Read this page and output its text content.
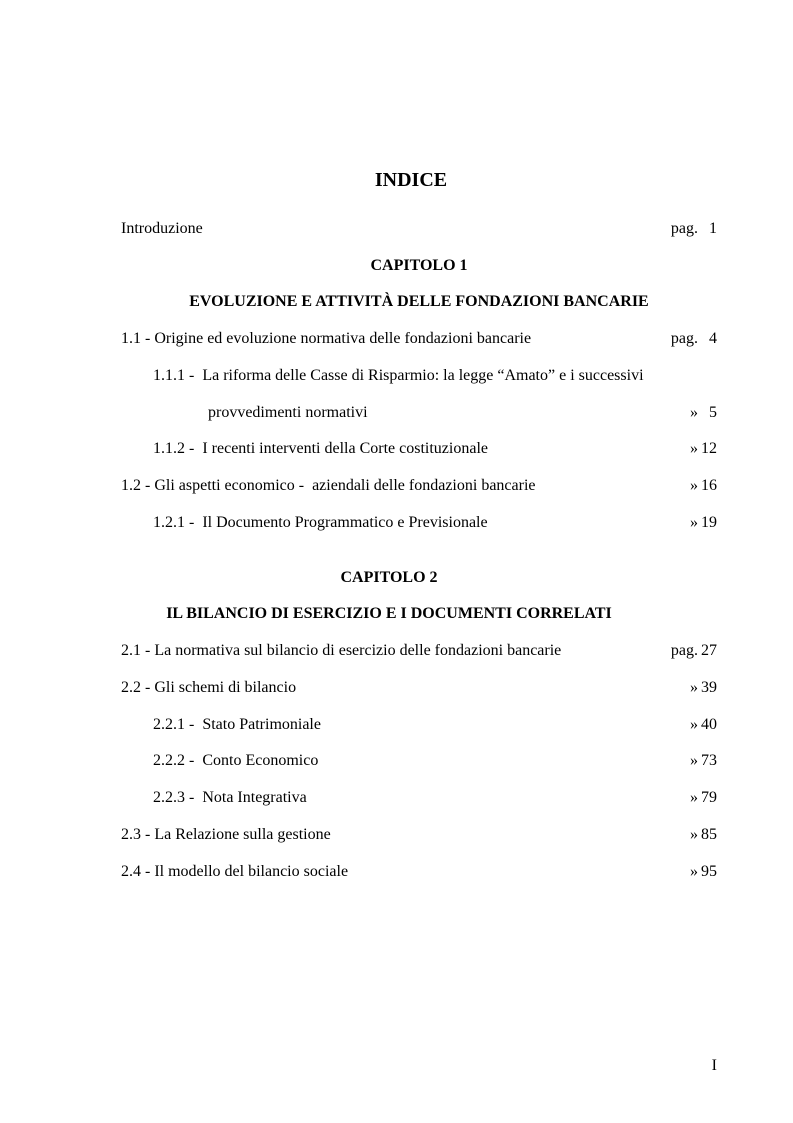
INDICE
Introduzione	pag. 1
CAPITOLO 1
EVOLUZIONE E ATTIVITÀ DELLE FONDAZIONI BANCARIE
1.1 - Origine ed evoluzione normativa delle fondazioni bancarie	pag. 4
1.1.1 -  La riforma delle Casse di Risparmio: la legge “Amato” e i successivi
provvedimenti normativi	» 5
1.1.2 -  I recenti interventi della Corte costituzionale	» 12
1.2 - Gli aspetti economico -  aziendali delle fondazioni bancarie	» 16
1.2.1 -  Il Documento Programmatico e Previsionale	» 19
CAPITOLO 2
IL BILANCIO DI ESERCIZIO E I DOCUMENTI CORRELATI
2.1 - La normativa sul bilancio di esercizio delle fondazioni bancarie	pag. 27
2.2 - Gli schemi di bilancio	» 39
2.2.1 -  Stato Patrimoniale	» 40
2.2.2 -  Conto Economico	» 73
2.2.3 -  Nota Integrativa	» 79
2.3 - La Relazione sulla gestione	» 85
2.4 - Il modello del bilancio sociale	» 95
I
